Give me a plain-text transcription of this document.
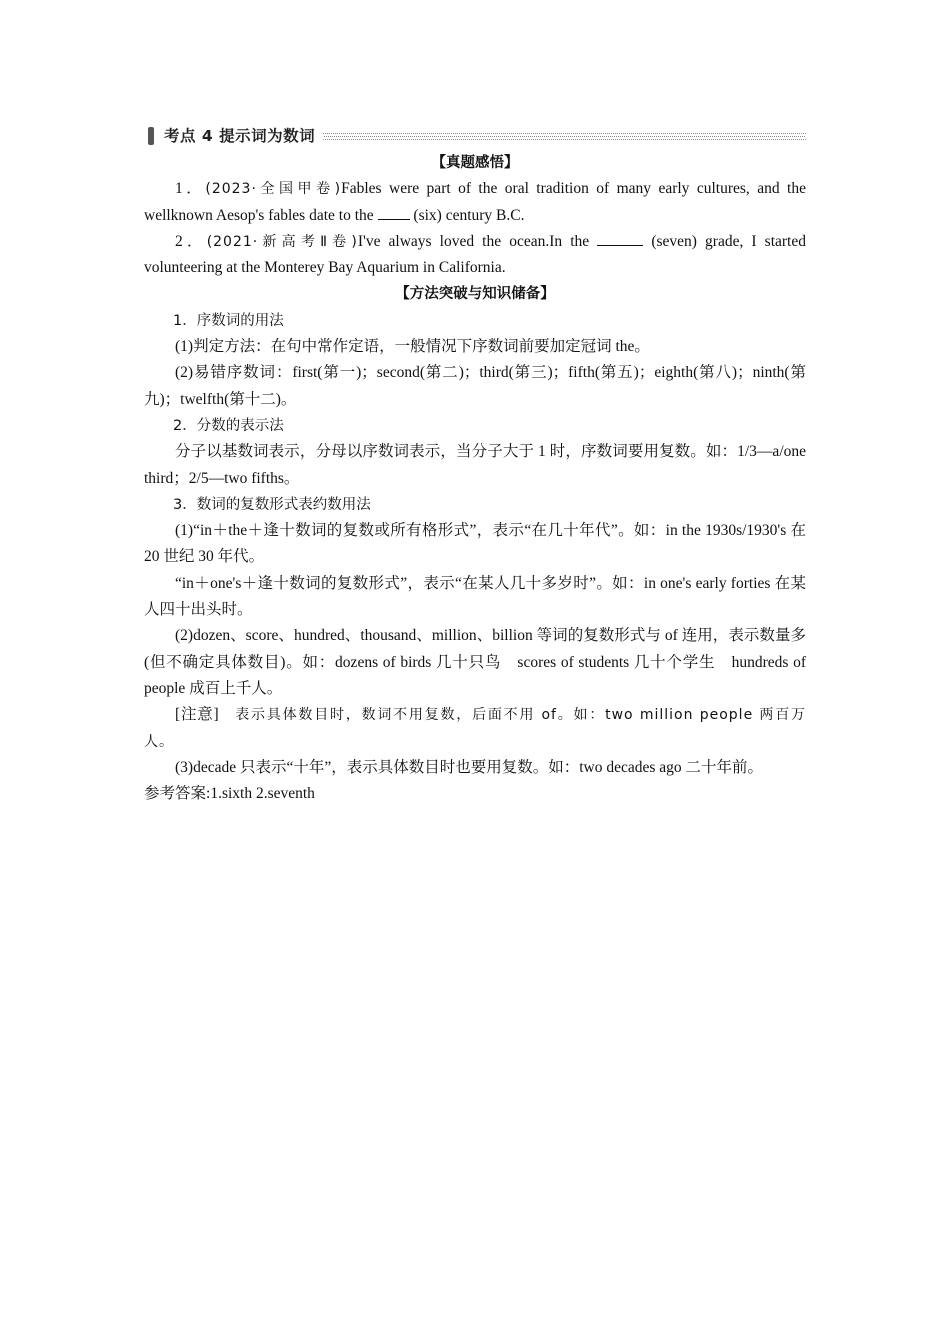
考点 4 提示词为数词
【真题感悟】

1．(2023·全国甲卷)Fables were part of the oral tradition of many early cultures, and the wellknown Aesop's fables date to the  (six) century B.C.

2．(2021·新高考Ⅱ卷)I've always loved the ocean.In the	(seven) grade, I started volunteering at the Monterey Bay Aquarium in California.

【方法突破与知识储备】

1．序数词的用法

(1)判定方法：在句中常作定语，一般情况下序数词前要加定冠词 the。

(2)易错序数词：first(第一)；second(第二)；third(第三)；fifth(第五)；eighth(第八)；ninth(第九)；twelfth(第十二)。

2．分数的表示法

分子以基数词表示，分母以序数词表示，当分子大于 1 时，序数词要用复数。如：1/3—a/one third；2/5—two fifths。

3．数词的复数形式表约数用法

(1)“in＋the＋逢十数词的复数或所有格形式”，表示“在几十年代”。如：in the 1930s/1930's 在 20 世纪 30 年代。

“in＋one's＋逢十数词的复数形式”，表示“在某人几十多岁时”。如：in one's early forties 在某人四十出头时。

(2)dozen、score、hundred、thousand、million、billion 等词的复数形式与 of 连用，表示数量多(但不确定具体数目)。如：dozens of birds 几十只鸟　scores of students 几十个学生　hundreds of people 成百上千人。

[注意]　表示具体数目时，数词不用复数，后面不用 of。如：two million people 两百万人。

(3)decade 只表示“十年”，表示具体数目时也要用复数。如：two decades ago 二十年前。

参考答案:1.sixth 2.seventh
